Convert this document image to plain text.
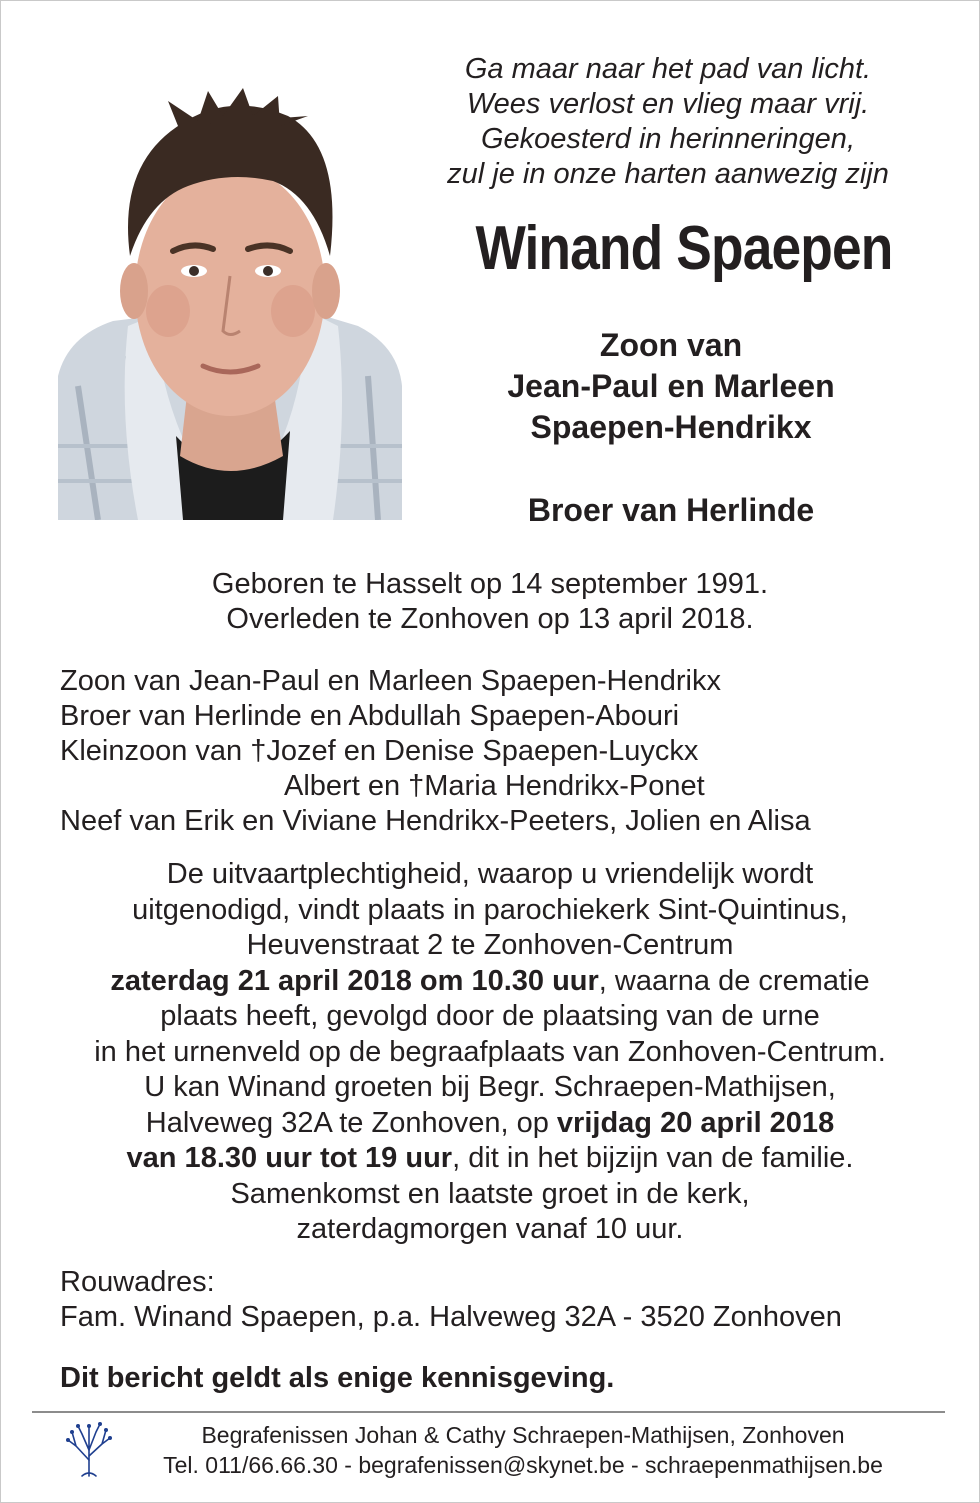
Ga maar naar het pad van licht.
Wees verlost en vlieg maar vrij.
Gekoesterd in herinneringen,
zul je in onze harten aanwezig zijn
Winand Spaepen
Zoon van
Jean-Paul en Marleen
Spaepen-Hendrikx
Broer van Herlinde
Geboren te Hasselt op 14 september 1991.
Overleden te Zonhoven op 13 april 2018.
Zoon van Jean-Paul en Marleen Spaepen-Hendrikx
Broer van Herlinde en Abdullah Spaepen-Abouri
Kleinzoon van †Jozef en Denise Spaepen-Luyckx
Albert en †Maria Hendrikx-Ponet
Neef van Erik en Viviane Hendrikx-Peeters, Jolien en Alisa
De uitvaartplechtigheid, waarop u vriendelijk wordt
uitgenodigd, vindt plaats in parochiekerk Sint-Quintinus,
Heuvenstraat 2 te Zonhoven-Centrum
zaterdag 21 april 2018 om 10.30 uur, waarna de crematie
plaats heeft, gevolgd door de plaatsing van de urne
in het urnenveld op de begraafplaats van Zonhoven-Centrum.
U kan Winand groeten bij Begr. Schraepen-Mathijsen,
Halveweg 32A te Zonhoven, op vrijdag 20 april 2018
van 18.30 uur tot 19 uur, dit in het bijzijn van de familie.
Samenkomst en laatste groet in de kerk,
zaterdagmorgen vanaf 10 uur.
Rouwadres:
Fam. Winand Spaepen, p.a. Halveweg 32A - 3520 Zonhoven
Dit bericht geldt als enige kennisgeving.
Begrafenissen Johan & Cathy Schraepen-Mathijsen, Zonhoven
Tel. 011/66.66.30 - begrafenissen@skynet.be - schraepenmathijsen.be
